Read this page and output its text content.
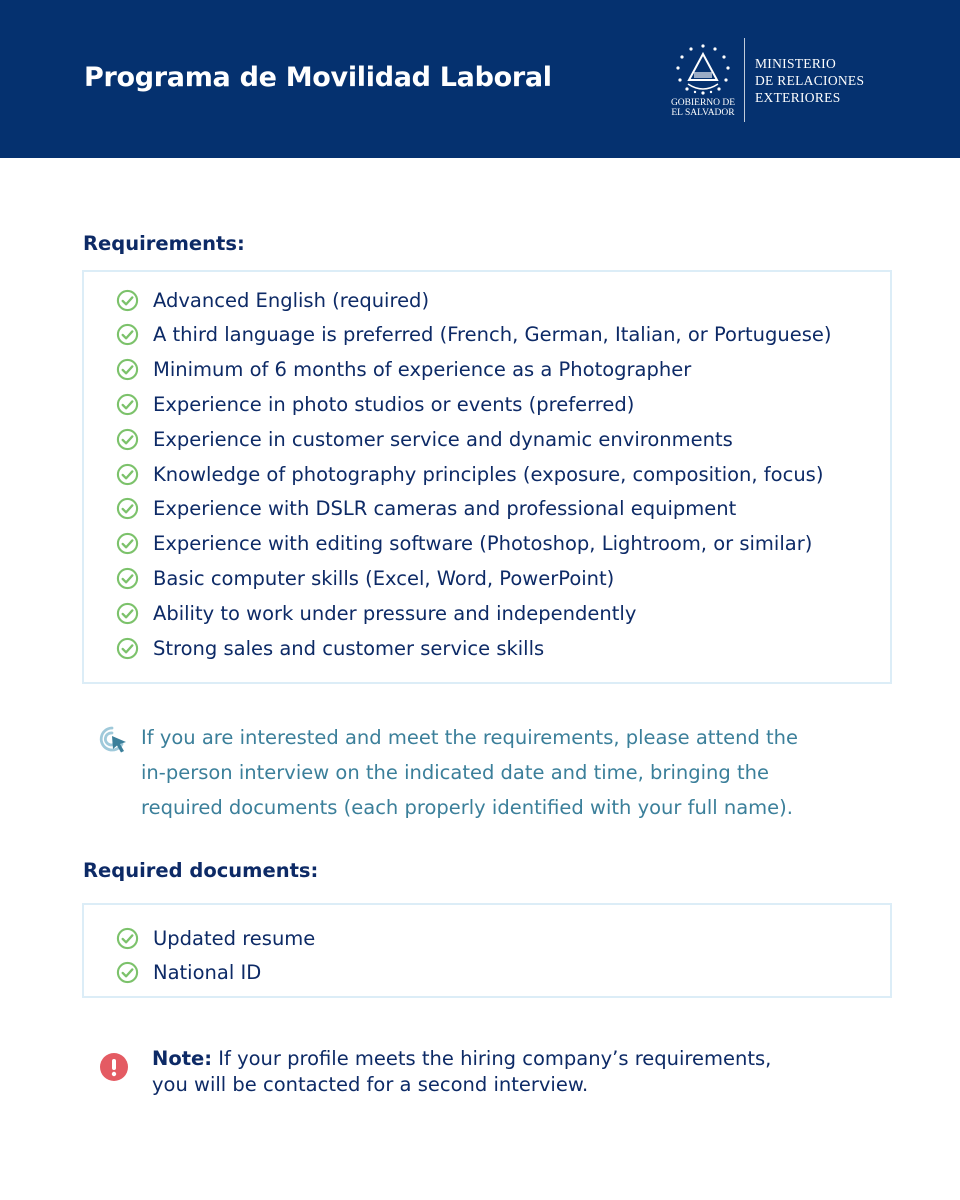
Programa de Movilidad Laboral
GOBIERNO DE
EL SALVADOR
MINISTERIO
DE RELACIONES
EXTERIORES
Requirements:
Advanced English (required)
A third language is preferred (French, German, Italian, or Portuguese)
Minimum of 6 months of experience as a Photographer
Experience in photo studios or events (preferred)
Experience in customer service and dynamic environments
Knowledge of photography principles (exposure, composition, focus)
Experience with DSLR cameras and professional equipment
Experience with editing software (Photoshop, Lightroom, or similar)
Basic computer skills (Excel, Word, PowerPoint)
Ability to work under pressure and independently
Strong sales and customer service skills
If you are interested and meet the requirements, please attend the
in-person interview on the indicated date and time, bringing the
required documents (each properly identified with your full name).
Required documents:
Updated resume
National ID
Note: If your profile meets the hiring company’s requirements,
you will be contacted for a second interview.
